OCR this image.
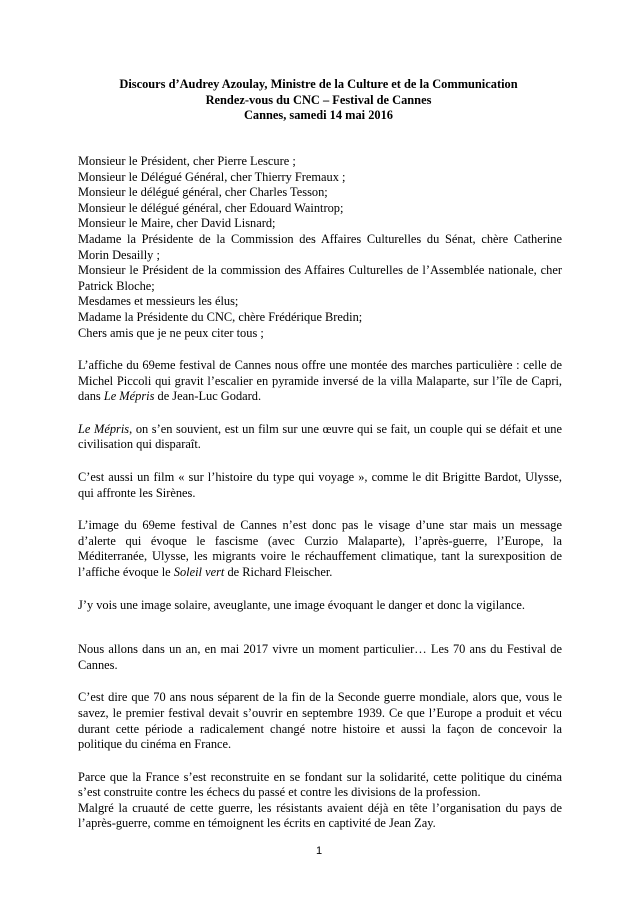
Discours d’Audrey Azoulay, Ministre de la Culture et de la Communication
Rendez-vous du CNC – Festival de Cannes
Cannes, samedi 14 mai 2016
Monsieur le Président, cher Pierre Lescure ;
Monsieur le Délégué Général, cher Thierry Fremaux ;
Monsieur le délégué général, cher Charles Tesson;
Monsieur le délégué général, cher Edouard Waintrop;
Monsieur le Maire, cher David Lisnard;
Madame la Présidente de la Commission des Affaires Culturelles du Sénat, chère Catherine Morin Desailly ;
Monsieur le Président de la commission des Affaires Culturelles de l’Assemblée nationale, cher Patrick Bloche;
Mesdames et messieurs les élus;
Madame la Présidente du CNC, chère Frédérique Bredin;
Chers amis que je ne peux citer tous ;

L’affiche du 69eme festival de Cannes nous offre une montée des marches particulière : celle de Michel Piccoli qui gravit l’escalier en pyramide inversé de la villa Malaparte, sur l’île de Capri, dans Le Mépris de Jean-Luc Godard.

Le Mépris, on s’en souvient, est un film sur une œuvre qui se fait, un couple qui se défait et une civilisation qui disparaît.

C’est aussi un film « sur l’histoire du type qui voyage », comme le dit Brigitte Bardot, Ulysse, qui affronte les Sirènes.

L’image du 69eme festival de Cannes n’est donc pas le visage d’une star mais un message d’alerte qui évoque le fascisme (avec Curzio Malaparte), l’après-guerre, l’Europe, la Méditerranée, Ulysse, les migrants voire le réchauffement climatique, tant la surexposition de l’affiche évoque le Soleil vert de Richard Fleischer.

J’y vois une image solaire, aveuglante, une image évoquant le danger et donc la vigilance.

Nous allons dans un an, en mai 2017 vivre un moment particulier… Les 70 ans du Festival de Cannes.

C’est dire que 70 ans nous séparent de la fin de la Seconde guerre mondiale, alors que, vous le savez, le premier festival devait s’ouvrir en septembre 1939. Ce que l’Europe a produit et vécu durant cette période a radicalement changé notre histoire et aussi la façon de concevoir la politique du cinéma en France.

Parce que la France s’est reconstruite en se fondant sur la solidarité, cette politique du cinéma s’est construite contre les échecs du passé et contre les divisions de la profession.

Malgré la cruauté de cette guerre, les résistants avaient déjà en tête l’organisation du pays de l’après-guerre, comme en témoignent les écrits en captivité de Jean Zay.

1
